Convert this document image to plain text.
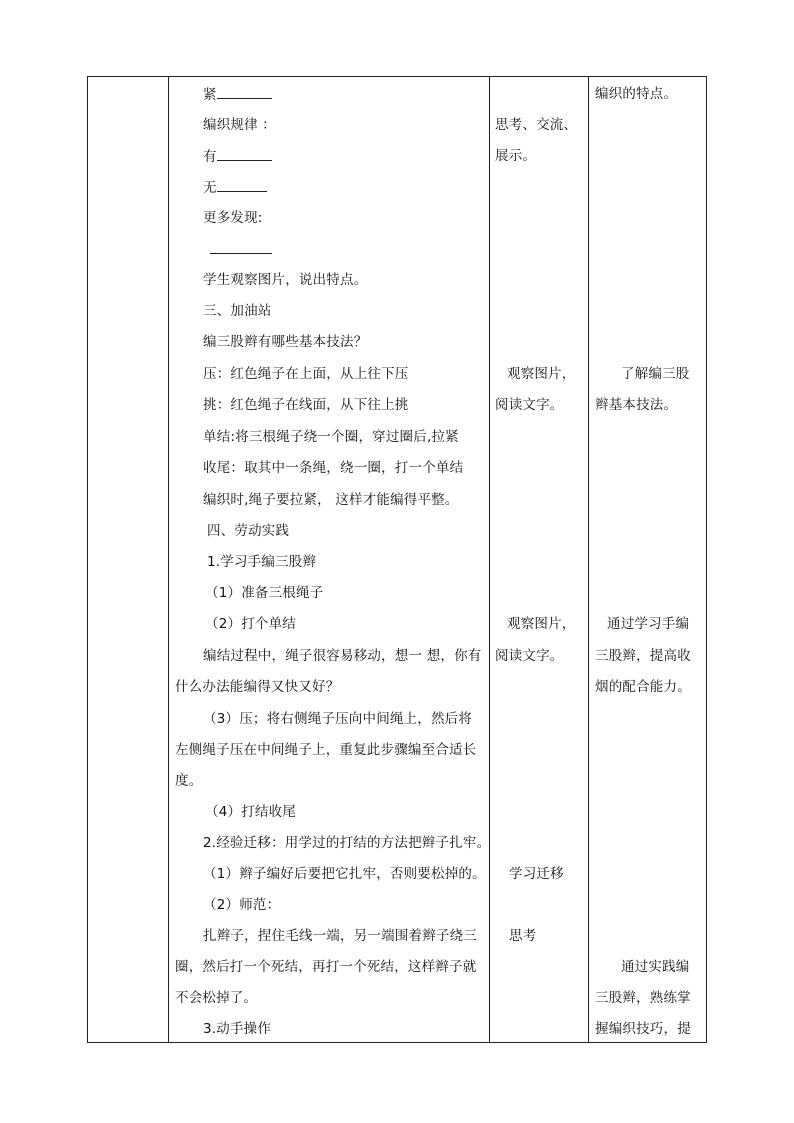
紧
编织规律 ：
有
无
更多发现:
学生观察图片，说出特点。
三、加油站
编三股辫有哪些基本技法？
压：红色绳子在上面，从上往下压
挑：红色绳子在线面，从下往上挑
单结:将三根绳子绕一个圈，穿过圈后,拉紧
收尾：取其中一条绳，绕一圈，打一个单结
编织时,绳子要拉紧， 这样才能编得平整。
四、劳动实践
1.学习手编三股辫
（1）准备三根绳子
（2）打个单结
编结过程中，绳子很容易移动，想一 想，你有
什么办法能编得又快又好？
（3）压；将右侧绳子压向中间绳上，然后将
左侧绳子压在中间绳子上，重复此步骤编至合适长
度。
（4）打结收尾
2.经验迁移：用学过的打结的方法把辫子扎牢。
（1）辫子编好后要把它扎牢，否则要松掉的。
（2）师范：
扎辫子，捏住毛线一端，另一端围着辫子绕三
圈，然后打一个死结，再打一个死结，这样辫子就
不会松掉了。
3.动手操作
思考、交流、
展示。
观察图片，
阅读文字。
观察图片，
阅读文字。
学习迁移
思考
编织的特点。
了解编三股
辫基本技法。
通过学习手编
三股辫，提高收
烟的配合能力。
通过实践编
三股辫，熟练掌
握编织技巧，提
